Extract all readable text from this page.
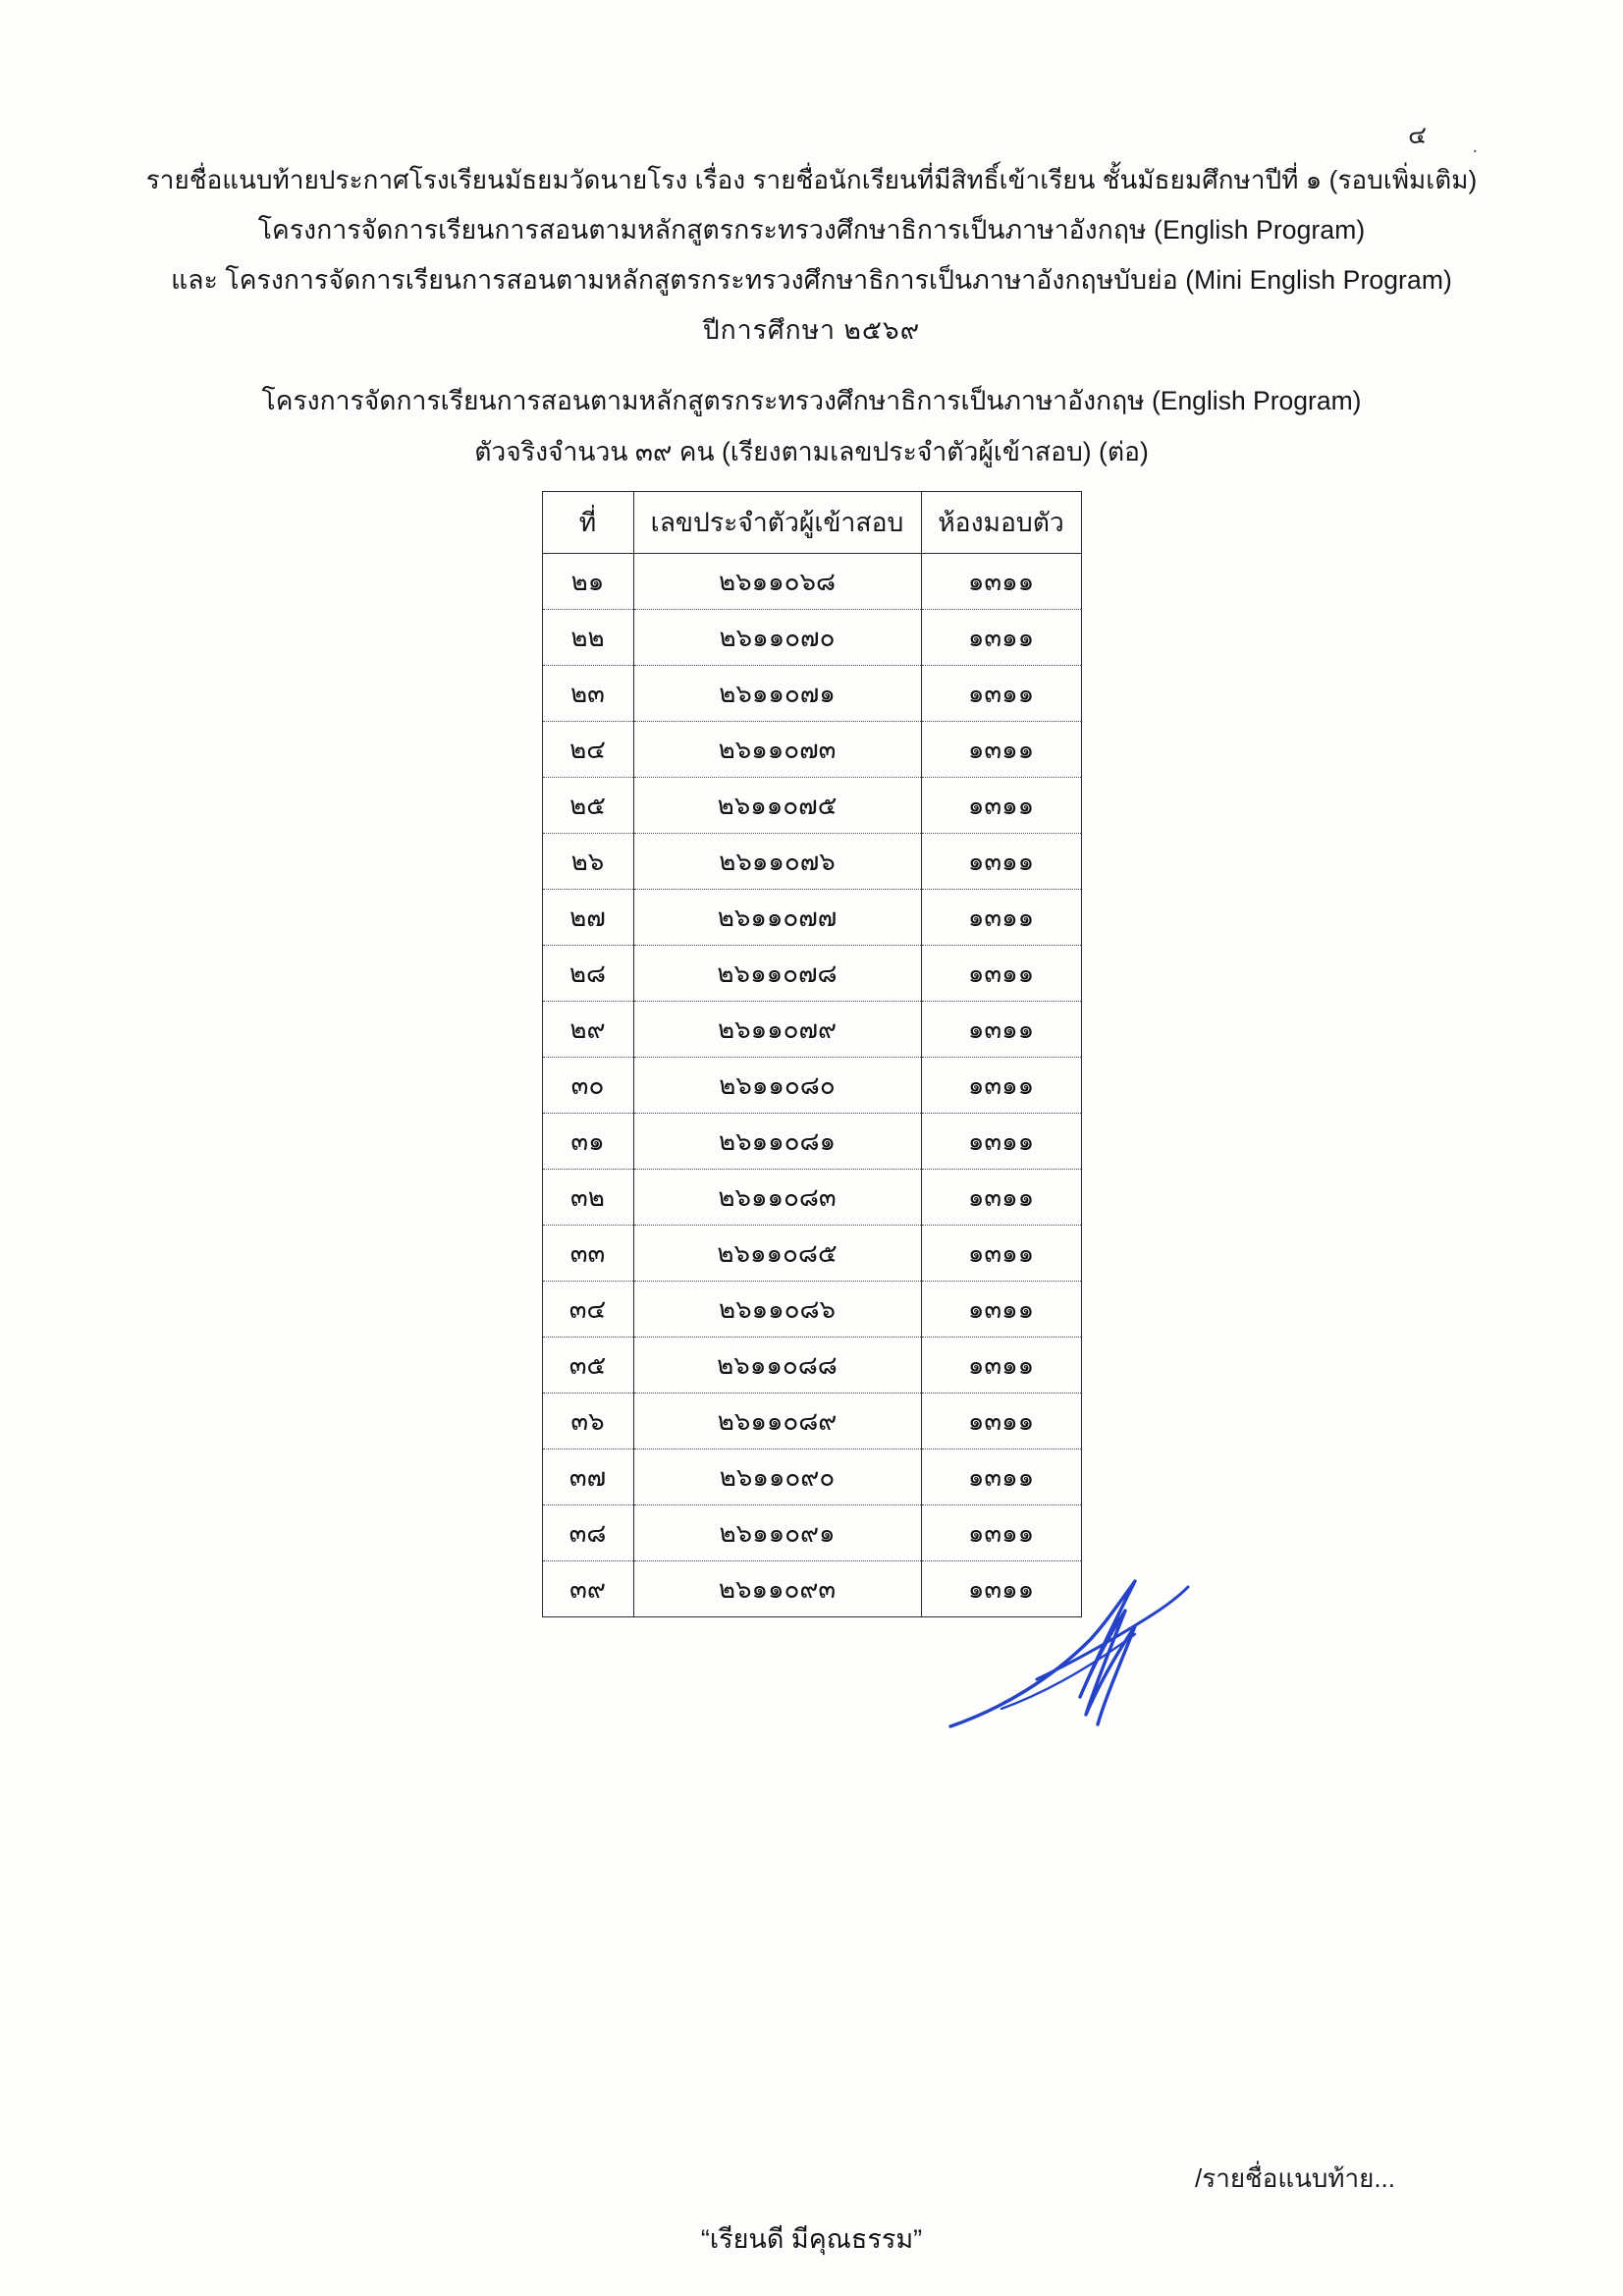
๔ .
รายชื่อแนบท้ายประกาศโรงเรียนมัธยมวัดนายโรง เรื่อง รายชื่อนักเรียนที่มีสิทธิ์เข้าเรียน ชั้นมัธยมศึกษาปีที่ ๑ (รอบเพิ่มเติม)
โครงการจัดการเรียนการสอนตามหลักสูตรกระทรวงศึกษาธิการเป็นภาษาอังกฤษ (English Program)
และ โครงการจัดการเรียนการสอนตามหลักสูตรกระทรวงศึกษาธิการเป็นภาษาอังกฤษบับย่อ (Mini English Program)
ปีการศึกษา ๒๕๖๙
โครงการจัดการเรียนการสอนตามหลักสูตรกระทรวงศึกษาธิการเป็นภาษาอังกฤษ (English Program)
ตัวจริงจำนวน ๓๙ คน (เรียงตามเลขประจำตัวผู้เข้าสอบ) (ต่อ)
ที่	เลขประจำตัวผู้เข้าสอบ	ห้องมอบตัว
๒๑	๒๖๑๑๐๖๘	๑๓๑๑
๒๒	๒๖๑๑๐๗๐	๑๓๑๑
๒๓	๒๖๑๑๐๗๑	๑๓๑๑
๒๔	๒๖๑๑๐๗๓	๑๓๑๑
๒๕	๒๖๑๑๐๗๕	๑๓๑๑
๒๖	๒๖๑๑๐๗๖	๑๓๑๑
๒๗	๒๖๑๑๐๗๗	๑๓๑๑
๒๘	๒๖๑๑๐๗๘	๑๓๑๑
๒๙	๒๖๑๑๐๗๙	๑๓๑๑
๓๐	๒๖๑๑๐๘๐	๑๓๑๑
๓๑	๒๖๑๑๐๘๑	๑๓๑๑
๓๒	๒๖๑๑๐๘๓	๑๓๑๑
๓๓	๒๖๑๑๐๘๕	๑๓๑๑
๓๔	๒๖๑๑๐๘๖	๑๓๑๑
๓๕	๒๖๑๑๐๘๘	๑๓๑๑
๓๖	๒๖๑๑๐๘๙	๑๓๑๑
๓๗	๒๖๑๑๐๙๐	๑๓๑๑
๓๘	๒๖๑๑๐๙๑	๑๓๑๑
๓๙	๒๖๑๑๐๙๓	๑๓๑๑
/รายชื่อแนบท้าย...
“เรียนดี มีคุณธรรม”
